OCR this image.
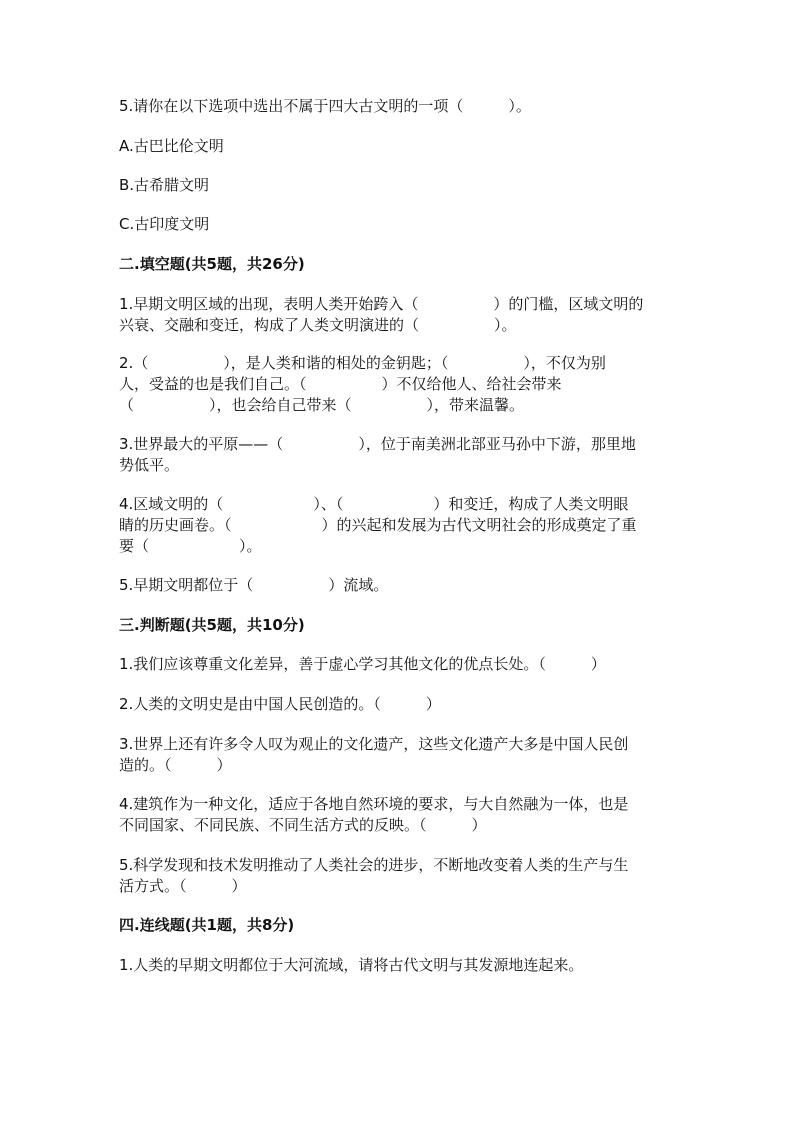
5.请你在以下选项中选出不属于四大古文明的一项（　　　）。
A.古巴比伦文明
B.古希腊文明
C.古印度文明
二.填空题(共5题，共26分)
1.早期文明区域的出现，表明人类开始跨入（　　　　　）的门槛，区域文明的
兴衰、交融和变迁，构成了人类文明演进的（　　　　　）。
2.（　　　　　），是人类和谐的相处的金钥匙；（　　　　　），不仅为别
人，受益的也是我们自己。（　　　　　）不仅给他人、给社会带来
（　　　　　），也会给自己带来（　　　　　），带来温馨。
3.世界最大的平原——（　　　　　），位于南美洲北部亚马孙中下游，那里地
势低平。
4.区域文明的（　　　　　　）、（　　　　　　）和变迁，构成了人类文明眼
睛的历史画卷。（　　　　　　）的兴起和发展为古代文明社会的形成奠定了重
要（　　　　　　）。
5.早期文明都位于（　　　　　）流域。
三.判断题(共5题，共10分)
1.我们应该尊重文化差异，善于虚心学习其他文化的优点长处。（　　　）
2.人类的文明史是由中国人民创造的。（　　　）
3.世界上还有许多令人叹为观止的文化遗产，这些文化遗产大多是中国人民创
造的。（　　　）
4.建筑作为一种文化，适应于各地自然环境的要求，与大自然融为一体，也是
不同国家、不同民族、不同生活方式的反映。（　　　）
5.科学发现和技术发明推动了人类社会的进步，不断地改变着人类的生产与生
活方式。（　　　）
四.连线题(共1题，共8分)
1.人类的早期文明都位于大河流域，请将古代文明与其发源地连起来。
